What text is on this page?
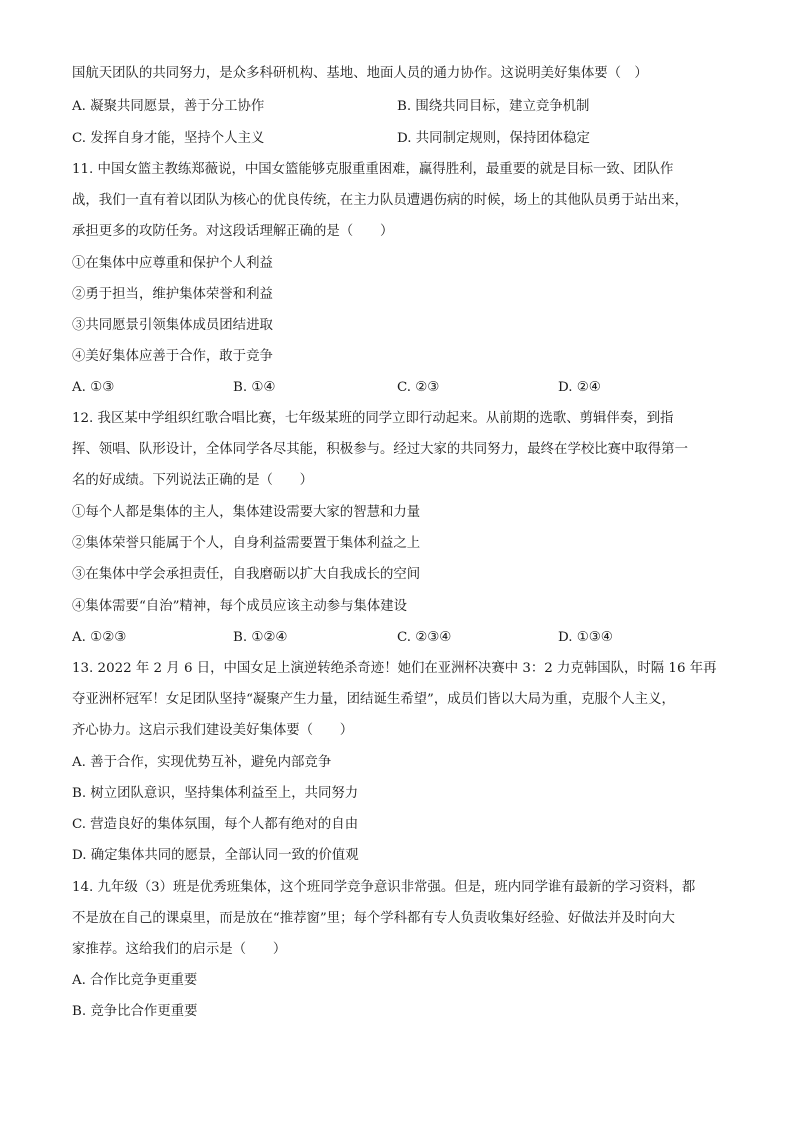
国航天团队的共同努力，是众多科研机构、基地、地面人员的通力协作。这说明美好集体要（　）
A. 凝聚共同愿景，善于分工协作	B. 围绕共同目标，建立竞争机制
C. 发挥自身才能，坚持个人主义	D. 共同制定规则，保持团体稳定
11. 中国女篮主教练郑薇说，中国女篮能够克服重重困难，赢得胜利，最重要的就是目标一致、团队作
战，我们一直有着以团队为核心的优良传统，在主力队员遭遇伤病的时候，场上的其他队员勇于站出来，
承担更多的攻防任务。对这段话理解正确的是（　　）
①在集体中应尊重和保护个人利益
②勇于担当，维护集体荣誉和利益
③共同愿景引领集体成员团结进取
④美好集体应善于合作，敢于竞争
A. ①③	B. ①④	C. ②③	D. ②④
12. 我区某中学组织红歌合唱比赛，七年级某班的同学立即行动起来。从前期的选歌、剪辑伴奏，到指
挥、领唱、队形设计，全体同学各尽其能，积极参与。经过大家的共同努力，最终在学校比赛中取得第一
名的好成绩。下列说法正确的是（　　）
①每个人都是集体的主人，集体建设需要大家的智慧和力量
②集体荣誉只能属于个人，自身利益需要置于集体利益之上
③在集体中学会承担责任，自我磨砺以扩大自我成长的空间
④集体需要“自治”精神，每个成员应该主动参与集体建设
A. ①②③	B. ①②④	C. ②③④	D. ①③④
13. 2022 年 2 月 6 日，中国女足上演逆转绝杀奇迹！她们在亚洲杯决赛中 3：2 力克韩国队，时隔 16 年再
夺亚洲杯冠军！女足团队坚持“凝聚产生力量，团结诞生希望”，成员们皆以大局为重，克服个人主义，
齐心协力。这启示我们建设美好集体要（　　）
A. 善于合作，实现优势互补，避免内部竞争
B. 树立团队意识，坚持集体利益至上，共同努力
C. 营造良好的集体氛围，每个人都有绝对的自由
D. 确定集体共同的愿景，全部认同一致的价值观
14. 九年级（3）班是优秀班集体，这个班同学竞争意识非常强。但是，班内同学谁有最新的学习资料，都
不是放在自己的课桌里，而是放在“推荐窗”里；每个学科都有专人负责收集好经验、好做法并及时向大
家推荐。这给我们的启示是（　　）
A. 合作比竞争更重要
B. 竞争比合作更重要
